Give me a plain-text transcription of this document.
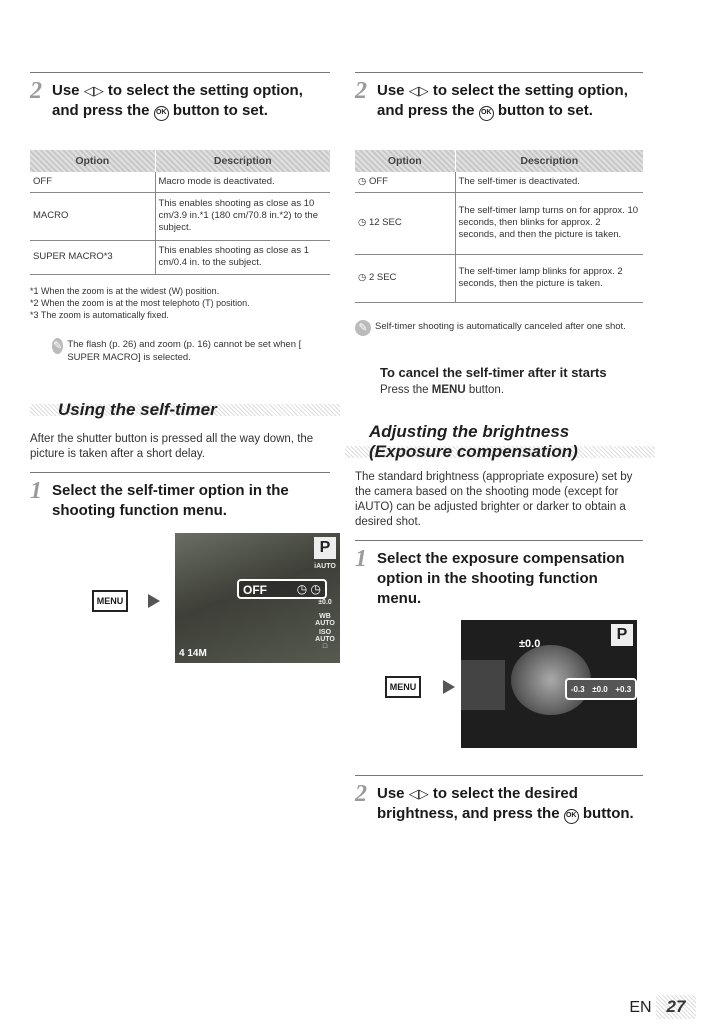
2 Use ◁▷ to select the setting option, and press the OK button to set.
Option	Description
OFF	Macro mode is deactivated.
MACRO	This enables shooting as close as 10 cm/3.9 in.*1 (180 cm/70.8 in.*2) to the subject.
SUPER MACRO*3	This enables shooting as close as 1 cm/0.4 in. to the subject.
*1 When the zoom is at the widest (W) position.
*2 When the zoom is at the most telephoto (T) position.
*3 The zoom is automatically fixed.
✎ The flash (p. 26) and zoom (p. 16) cannot be set when [ SUPER MACRO] is selected.
Using the self-timer
After the shutter button is pressed all the way down, the picture is taken after a short delay.
1 Select the self-timer option in the shooting function menu.
MENU
P
iAUTO
OFF ◷ ◷
±0.0
WB AUTO
ISO AUTO
□
4 14M
2 Use ◁▷ to select the setting option, and press the OK button to set.
Option	Description
◷ OFF	The self-timer is deactivated.
◷ 12 SEC	The self-timer lamp turns on for approx. 10 seconds, then blinks for approx. 2 seconds, and then the picture is taken.
◷ 2 SEC	The self-timer lamp blinks for approx. 2 seconds, then the picture is taken.
✎ Self-timer shooting is automatically canceled after one shot.
To cancel the self-timer after it starts
Press the MENU button.
Adjusting the brightness
(Exposure compensation)
The standard brightness (appropriate exposure) set by the camera based on the shooting mode (except for iAUTO) can be adjusted brighter or darker to obtain a desired shot.
1 Select the exposure compensation option in the shooting function menu.
MENU
P
±0.0
-0.3 ±0.0 +0.3
2 Use ◁▷ to select the desired brightness, and press the OK button.
EN 27
